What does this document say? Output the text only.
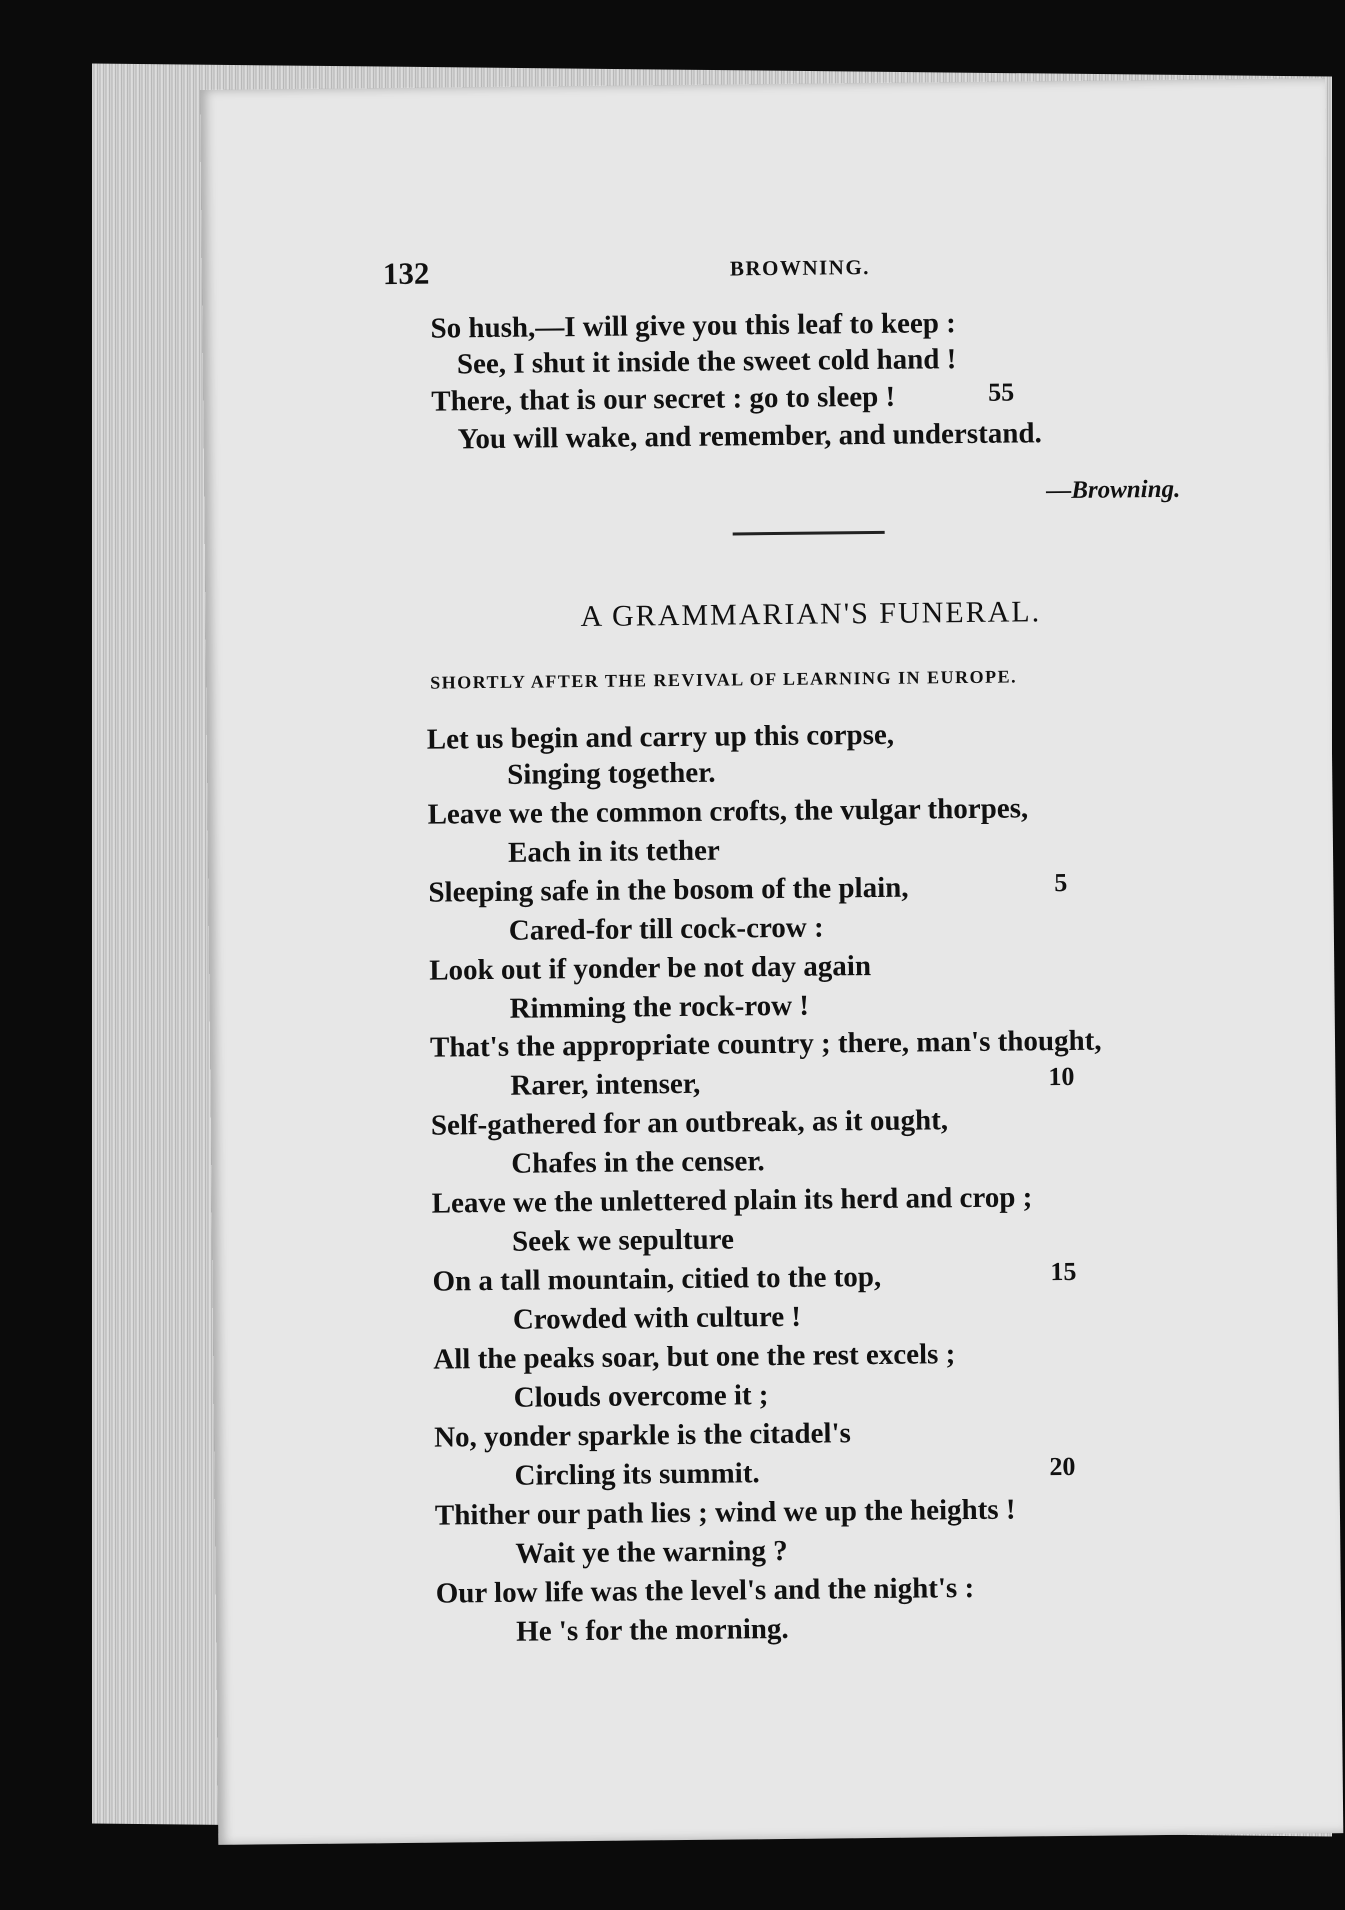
132	BROWNING.
So hush,—I will give you this leaf to keep :
See, I shut it inside the sweet cold hand !
There, that is our secret : go to sleep !	55
You will wake, and remember, and understand.
—Browning.
A GRAMMARIAN'S FUNERAL.
SHORTLY AFTER THE REVIVAL OF LEARNING IN EUROPE.
Let us begin and carry up this corpse,
Singing together.
Leave we the common crofts, the vulgar thorpes,
Each in its tether
Sleeping safe in the bosom of the plain,	5
Cared-for till cock-crow :
Look out if yonder be not day again
Rimming the rock-row !
That's the appropriate country ; there, man's thought,
Rarer, intenser,	10
Self-gathered for an outbreak, as it ought,
Chafes in the censer.
Leave we the unlettered plain its herd and crop ;
Seek we sepulture
On a tall mountain, citied to the top,	15
Crowded with culture !
All the peaks soar, but one the rest excels ;
Clouds overcome it ;
No, yonder sparkle is the citadel's
Circling its summit.	20
Thither our path lies ; wind we up the heights !
Wait ye the warning ?
Our low life was the level's and the night's :
He 's for the morning.
